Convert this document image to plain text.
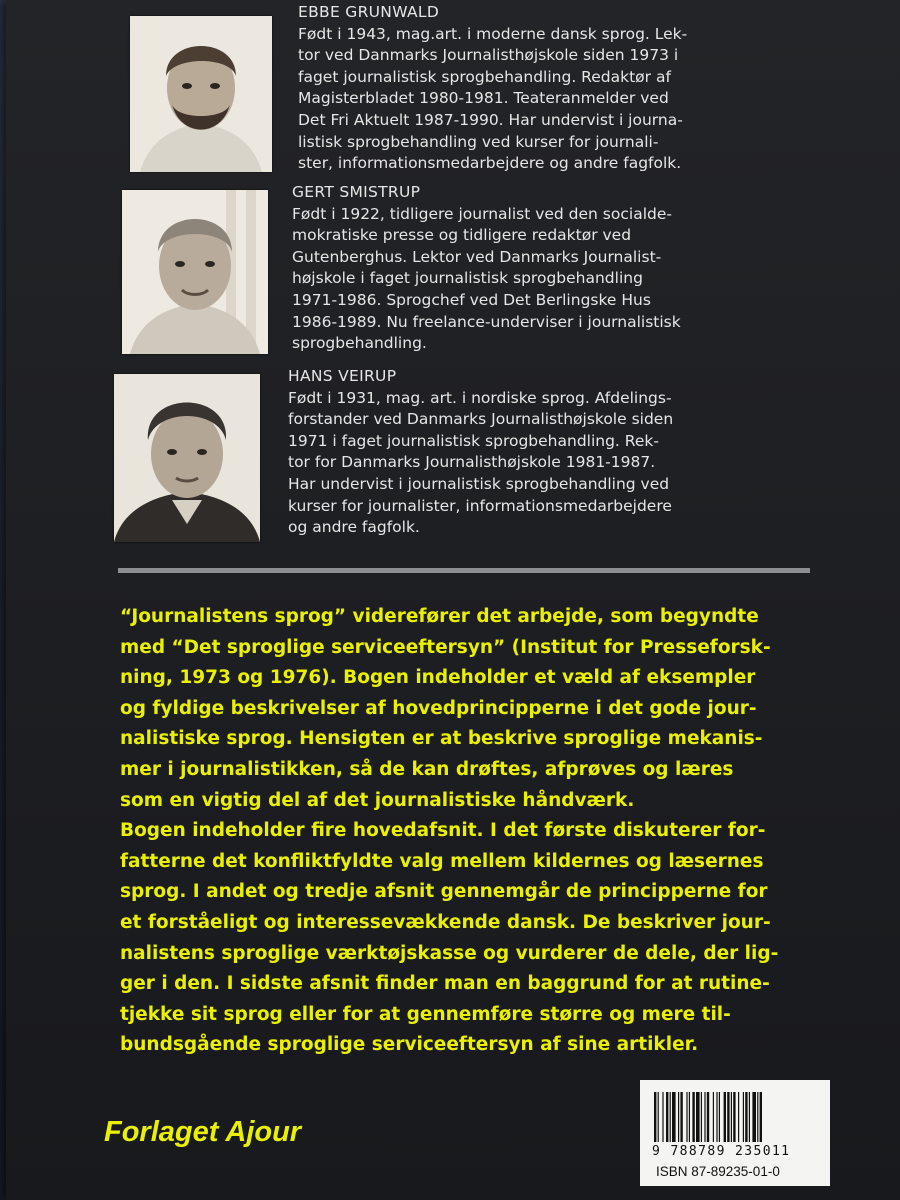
EBBE GRUNWALD
Født i 1943, mag.art. i moderne dansk sprog. Lek-
tor ved Danmarks Journalisthøjskole siden 1973 i
faget journalistisk sprogbehandling. Redaktør af
Magisterbladet 1980-1981. Teateranmelder ved
Det Fri Aktuelt 1987-1990. Har undervist i journa-
listisk sprogbehandling ved kurser for journali-
ster, informationsmedarbejdere og andre fagfolk.
GERT SMISTRUP
Født i 1922, tidligere journalist ved den socialde-
mokratiske presse og tidligere redaktør ved
Gutenberghus. Lektor ved Danmarks Journalist-
højskole i faget journalistisk sprogbehandling
1971-1986. Sprogchef ved Det Berlingske Hus
1986-1989. Nu freelance-underviser i journalistisk
sprogbehandling.
HANS VEIRUP
Født i 1931, mag. art. i nordiske sprog. Afdelings-
forstander ved Danmarks Journalisthøjskole siden
1971 i faget journalistisk sprogbehandling. Rek-
tor for Danmarks Journalisthøjskole 1981-1987.
Har undervist i journalistisk sprogbehandling ved
kurser for journalister, informationsmedarbejdere
og andre fagfolk.

“Journalistens sprog” viderefører det arbejde, som begyndte

med “Det sproglige serviceeftersyn” (Institut for Presseforsk-

ning, 1973 og 1976). Bogen indeholder et væld af eksempler

og fyldige beskrivelser af hovedprincipperne i det gode jour-

nalistiske sprog. Hensigten er at beskrive sproglige mekanis-

mer i journalistikken, så de kan drøftes, afprøves og læres

som en vigtig del af det journalistiske håndværk.

Bogen indeholder fire hovedafsnit. I det første diskuterer for-

fatterne det konfliktfyldte valg mellem kildernes og læsernes

sprog. I andet og tredje afsnit gennemgår de principperne for

et forståeligt og interessevækkende dansk. De beskriver jour-

nalistens sproglige værktøjskasse og vurderer de dele, der lig-

ger i den. I sidste afsnit finder man en baggrund for at rutine-

tjekke sit sprog eller for at gennemføre større og mere til-

bundsgående sproglige serviceeftersyn af sine artikler.

Forlaget Ajour
9 788789 235011
ISBN 87-89235-01-0
